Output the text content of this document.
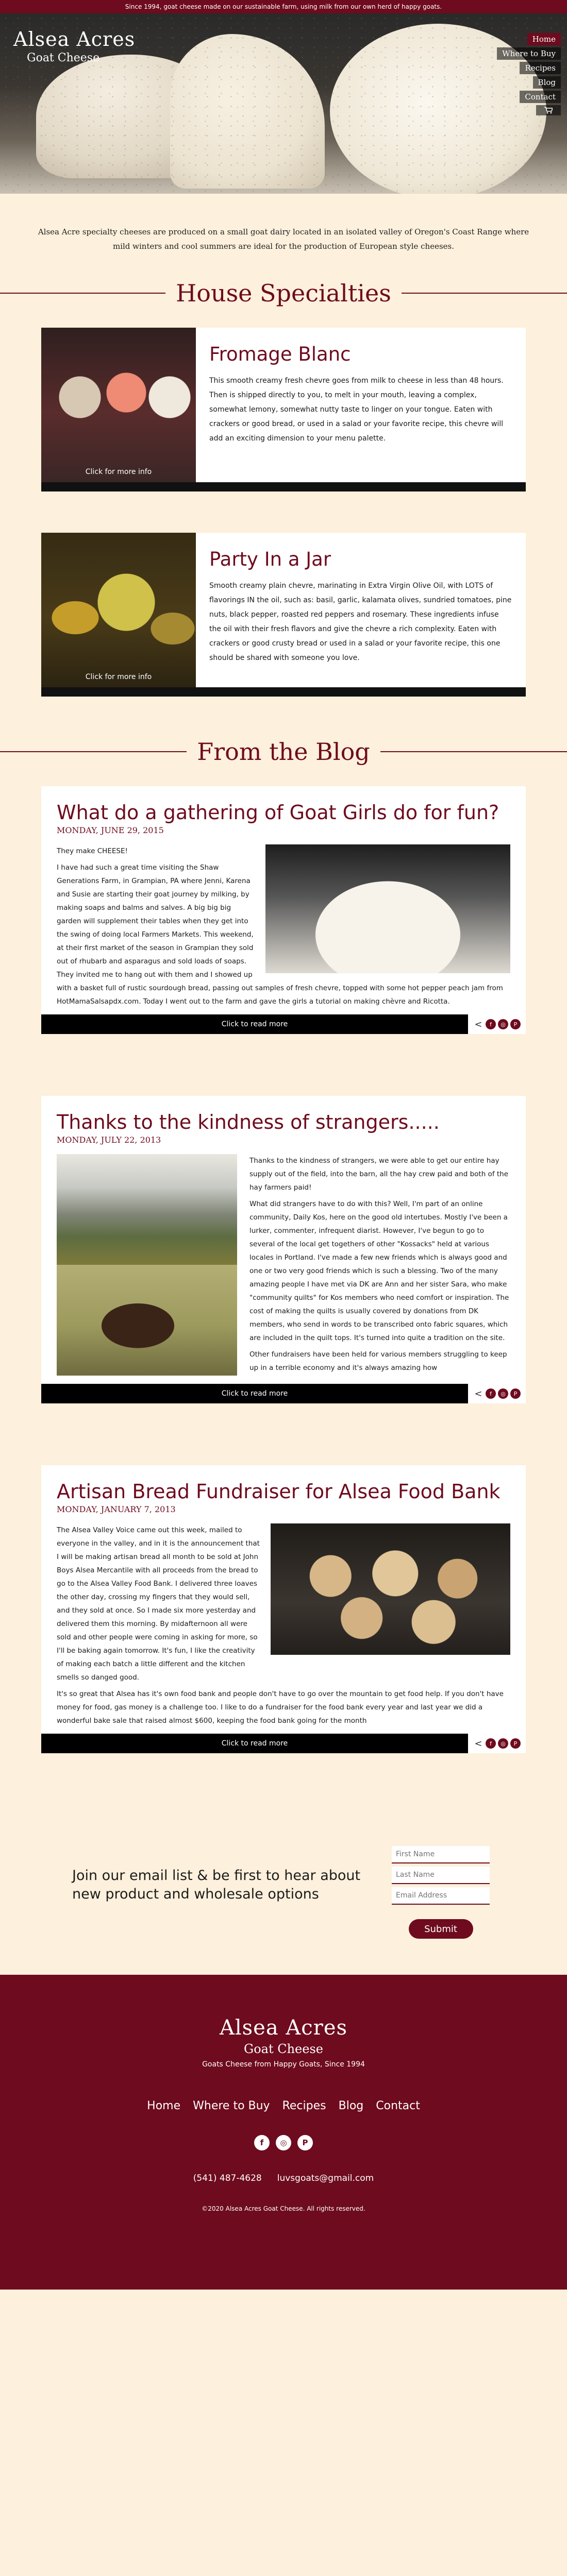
Since 1994, goat cheese made on our sustainable farm, using milk from our own herd of happy goats.
Alsea Acres
Goat Cheese
Home
Where to Buy
Recipes
Blog
Contact

Alsea Acre specialty cheeses are produced on a small goat dairy located in an isolated valley of Oregon's Coast Range where mild winters and cool summers are ideal for the production of European style cheeses.

House Specialties
Click for more info
Fromage Blanc

This smooth creamy fresh chevre goes from milk to cheese in less than 48 hours. Then is shipped directly to you, to melt in your mouth, leaving a complex, somewhat lemony, somewhat nutty taste to linger on your tongue. Eaten with crackers or good bread, or used in a salad or your favorite recipe, this chevre will add an exciting dimension to your menu palette.

Click for more info
Party In a Jar

Smooth creamy plain chevre, marinating in Extra Virgin Olive Oil, with LOTS of flavorings IN the oil, such as: basil, garlic, kalamata olives, sundried tomatoes, pine nuts, black pepper, roasted red peppers and rosemary. These ingredients infuse the oil with their fresh flavors and give the chevre a rich complexity. Eaten with crackers or good crusty bread or used in a salad or your favorite recipe, this one should be shared with someone you love.

From the Blog
What do a gathering of Goat Girls do for fun?
MONDAY, JUNE 29, 2015

They make CHEESE!

I have had such a great time visiting the Shaw Generations Farm, in Grampian, PA where Jenni, Karena and Susie are starting their goat journey by milking, by making soaps and balms and salves. A big big big garden will supplement their tables when they get into the swing of doing local Farmers Markets. This weekend, at their first market of the season in Grampian they sold out of rhubarb and asparagus and sold loads of soaps. They invited me to hang out with them and I showed up with a basket full of rustic sourdough bread, passing out samples of fresh chevre, topped with some hot pepper peach jam from HotMamaSalsapdx.com. Today I went out to the farm and gave the girls a tutorial on making chèvre and Ricotta.

Click to read more	<	f	◎	P
Thanks to the kindness of strangers.....
MONDAY, JULY 22, 2013

Thanks to the kindness of strangers, we were able to get our entire hay supply out of the field, into the barn, all the hay crew paid and both of the hay farmers paid!

What did strangers have to do with this? Well, I'm part of an online community, Daily Kos, here on the good old intertubes. Mostly I've been a lurker, commenter, infrequent diarist. However, I've begun to go to several of the local get togethers of other "Kossacks" held at various locales in Portland. I've made a few new friends which is always good and one or two very good friends which is such a blessing. Two of the many amazing people I have met via DK are Ann and her sister Sara, who make "community quilts" for Kos members who need comfort or inspiration. The cost of making the quilts is usually covered by donations from DK members, who send in words to be transcribed onto fabric squares, which are included in the quilt tops. It's turned into quite a tradition on the site.

Other fundraisers have been held for various members struggling to keep up in a terrible economy and it's always amazing how

Click to read more	<	f	◎	P
Artisan Bread Fundraiser for Alsea Food Bank
MONDAY, JANUARY 7, 2013

The Alsea Valley Voice came out this week, mailed to everyone in the valley, and in it is the announcement that I will be making artisan bread all month to be sold at John Boys Alsea Mercantile with all proceeds from the bread to go to the Alsea Valley Food Bank. I delivered three loaves the other day, crossing my fingers that they would sell, and they sold at once. So I made six more yesterday and delivered them this morning. By midafternoon all were sold and other people were coming in asking for more, so I'll be baking again tomorrow. It's fun, I like the creativity of making each batch a little different and the kitchen smells so danged good.

It's so great that Alsea has it's own food bank and people don't have to go over the mountain to get food help. If you don't have money for food, gas money is a challenge too. I like to do a fundraiser for the food bank every year and last year we did a wonderful bake sale that raised almost $600, keeping the food bank going for the month

Click to read more	<	f	◎	P
Join our email list & be first to hear about new product and wholesale options
First Name
Last Name
Email Address
Submit
Alsea Acres
Goat Cheese
Goats Cheese from Happy Goats, Since 1994
Home Where to Buy Recipes Blog Contact
f	◎	P
(541) 487-4628 luvsgoats@gmail.com
©2020 Alsea Acres Goat Cheese. All rights reserved.
